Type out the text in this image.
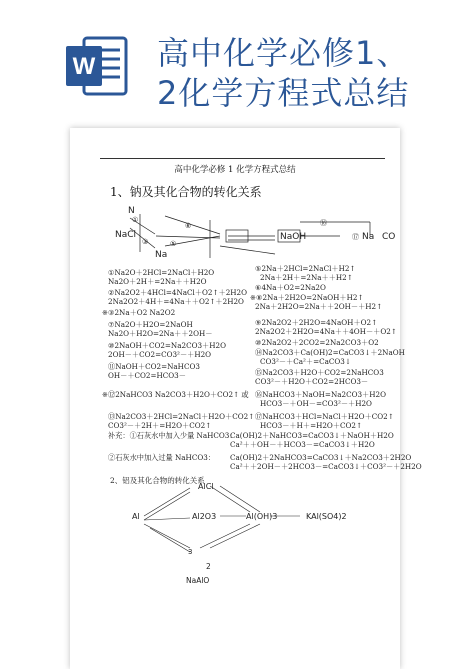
W 高中化学必修1、
2化学方程式总结
高中化学必修 1 化学方程式总结
1、钠及其化合物的转化关系
N
NaCl
Na
NaOH	Na CO
⑯
⑰
①
③	⑤
⑥
①Na2O＋2HCl=2NaCl＋H2O
Na2O＋2H＋=2Na＋＋H2O
②Na2O2＋4HCl=4NaCl＋O2↑＋2H2O
2Na2O2＋4H＋=4Na＋＋O2↑＋2H2O
※③2Na＋O2 Na2O2
⑦Na2O＋H2O=2NaOH
Na2O＋H2O=2Na＋＋2OH－
⑩2NaOH＋CO2=Na2CO3＋H2O
2OH－＋CO2=CO3²－＋H2O
⑪NaOH＋CO2=NaHCO3
OH－＋CO2=HCO3－
※⑫2NaHCO3 Na2CO3＋H2O＋CO2↑ 或
⑬Na2CO3＋2HCl=2NaCl＋H2O＋CO2↑
CO3²－＋2H＋=H2O＋CO2↑
补充：①石灰水中加入少量 NaHCO3：
②石灰水中加入过量 NaHCO3：
⑤2Na＋2HCl=2NaCl＋H2↑
2Na＋2H＋=2Na＋＋H2↑
⑥4Na＋O2=2Na2O
※⑧2Na＋2H2O=2NaOH＋H2↑
2Na＋2H2O=2Na＋＋2OH－＋H2↑
⑨2Na2O2＋2H2O=4NaOH＋O2↑
2Na2O2＋2H2O=4Na＋＋4OH－＋O2↑
⑩2Na2O2＋2CO2=2Na2CO3＋O2
⑭Na2CO3＋Ca(OH)2=CaCO3↓＋2NaOH
CO3²－＋Ca²＋=CaCO3↓
⑮Na2CO3＋H2O＋CO2=2NaHCO3
CO3²－＋H2O＋CO2=2HCO3－
⑯NaHCO3＋NaOH=Na2CO3＋H2O
HCO3－＋OH－=CO3²－＋H2O
⑰NaHCO3＋HCl=NaCl＋H2O＋CO2↑
HCO3－＋H＋=H2O＋CO2↑
Ca(OH)2＋NaHCO3=CaCO3↓＋NaOH＋H2O
Ca²＋＋OH－＋HCO3－=CaCO3↓＋H2O
Ca(OH)2＋2NaHCO3=CaCO3↓＋Na2CO3＋2H2O
Ca²＋＋2OH－＋2HCO3－=CaCO3↓＋CO3²－＋2H2O
2、铝及其化合物的转化关系
AlCl
Al	Al2O3	Al(OH)3	KAl(SO4)2
3
2
NaAlO
